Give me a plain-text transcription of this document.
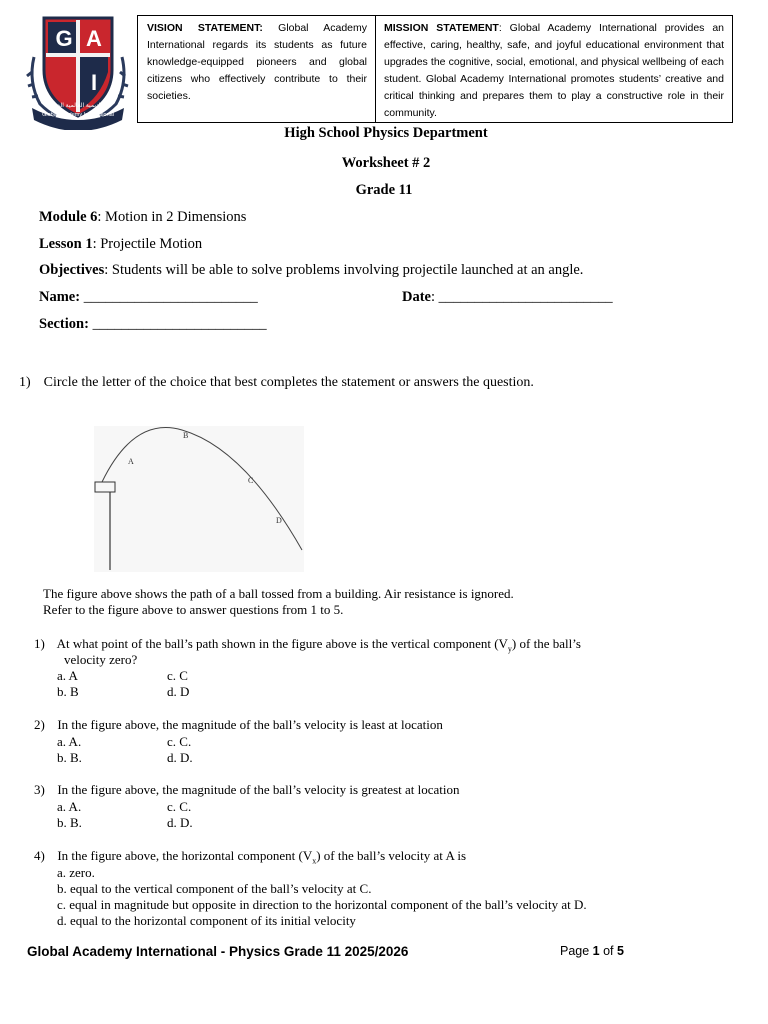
G A
I
الأكاديمية العالمية الدولية
Global Academy International
VISION STATEMENT: Global Academy International regards its students as future knowledge-equipped pioneers and global citizens who effectively contribute to their societies.
MISSION STATEMENT: Global Academy International provides an effective, caring, healthy, safe, and joyful educational environment that upgrades the cognitive, social, emotional, and physical wellbeing of each student. Global Academy International promotes students’ creative and critical thinking and prepares them to play a constructive role in their community.
High School Physics Department
Worksheet # 2
Grade 11
Module 6: Motion in 2 Dimensions
Lesson 1: Projectile Motion
Objectives: Students will be able to solve problems involving projectile launched at an angle.
Name: ________________________	Date: ________________________
Section: ________________________
1) Circle the letter of the choice that best completes the statement or answers the question.
A
B
C
D
The figure above shows the path of a ball tossed from a building. Air resistance is ignored.
Refer to the figure above to answer questions from 1 to 5.
1) At what point of the ball’s path shown in the figure above is the vertical component $(V_y)$ of the ball’s
velocity zero?
a. A	c. C
b. B	d. D
2) In the figure above, the magnitude of the ball’s velocity is least at location
a. A.	c. C.
b. B.	d. D.
3) In the figure above, the magnitude of the ball’s velocity is greatest at location
a. A.	c. C.
b. B.	d. D.
4) In the figure above, the horizontal component $(V_x)$ of the ball’s velocity at A is
a. zero.
b. equal to the vertical component of the ball’s velocity at C.
c. equal in magnitude but opposite in direction to the horizontal component of the ball’s velocity at D.
d. equal to the horizontal component of its initial velocity
Global Academy International - Physics Grade 11 2025/2026	Page 1 of 5
